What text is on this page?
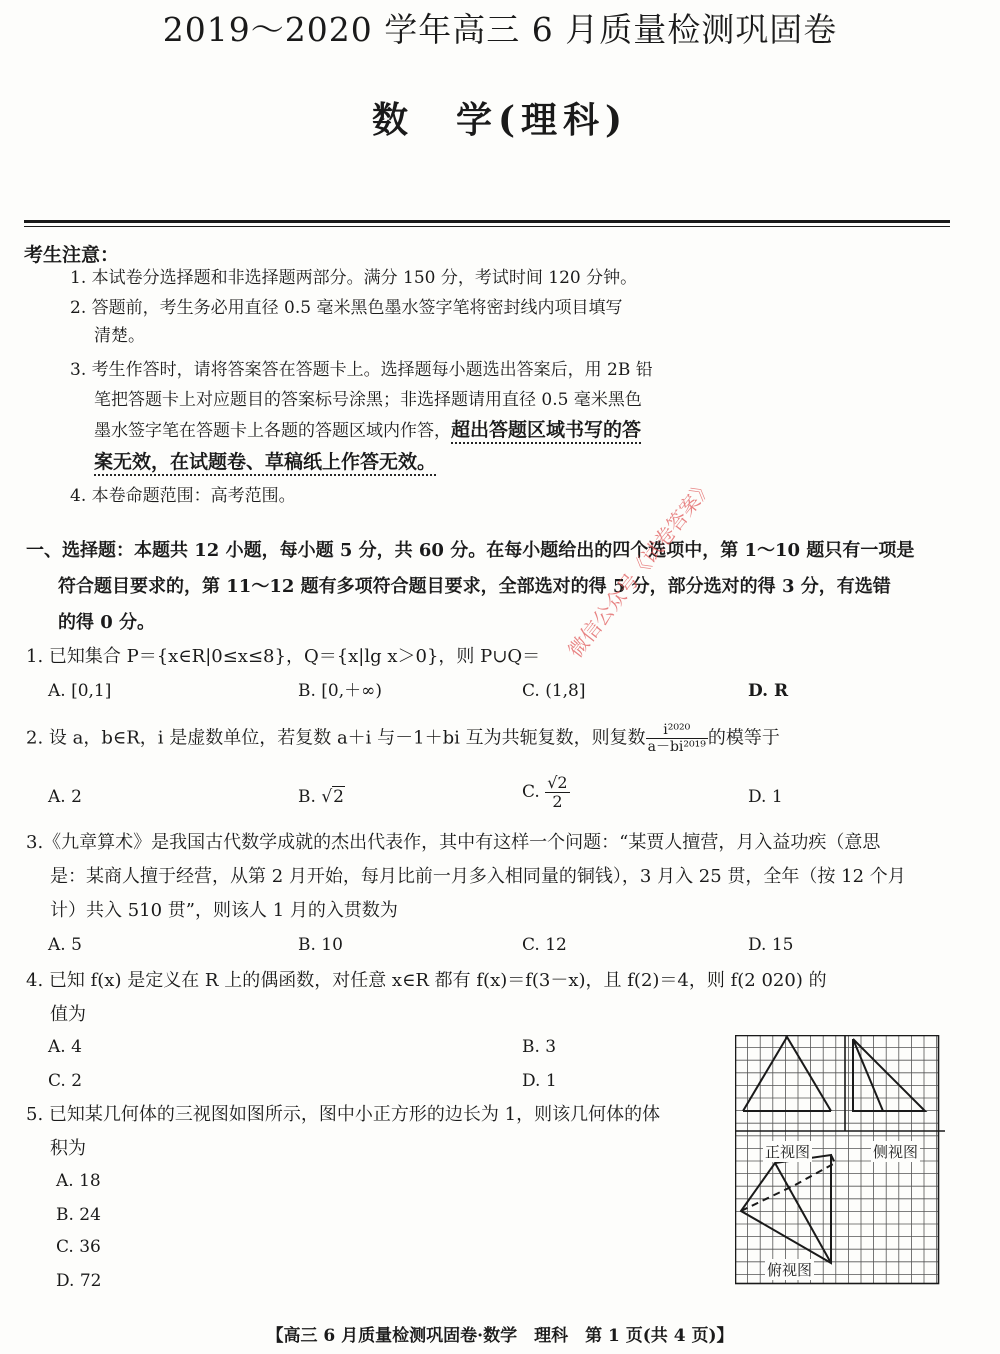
2019～2020 学年高三 6 月质量检测巩固卷
数　学(理科)
考生注意：
1. 本试卷分选择题和非选择题两部分。满分 150 分，考试时间 120 分钟。
2. 答题前，考生务必用直径 0.5 毫米黑色墨水签字笔将密封线内项目填写
清楚。
3. 考生作答时，请将答案答在答题卡上。选择题每小题选出答案后，用 2B 铅
笔把答题卡上对应题目的答案标号涂黑；非选择题请用直径 0.5 毫米黑色
墨水签字笔在答题卡上各题的答题区域内作答，超出答题区域书写的答
案无效，在试题卷、草稿纸上作答无效。
4. 本卷命题范围：高考范围。
一、选择题：本题共 12 小题，每小题 5 分，共 60 分。在每小题给出的四个选项中，第 1～10 题只有一项是
符合题目要求的，第 11～12 题有多项符合题目要求，全部选对的得 5 分，部分选对的得 3 分，有选错
的得 0 分。
1. 已知集合 P＝{x∈R|0≤x≤8}，Q＝{x|lg x＞0}，则 P∪Q＝
A. [0,1]	B. [0,＋∞)	C. (1,8]	D. R
2. 设 a，b∈R，i 是虚数单位，若复数 a＋i 与－1＋bi 互为共轭复数，则复数 $\frac{\text{i²⁰²⁰}}{\text{a－bi²⁰¹⁹}}$ 的模等于
A. 2	B. √2	C. $\frac{√2}{2}$	D. 1
3.《九章算术》是我国古代数学成就的杰出代表作，其中有这样一个问题：“某贾人擅营，月入益功疾（意思
是：某商人擅于经营，从第 2 月开始，每月比前一月多入相同量的铜钱），3 月入 25 贯，全年（按 12 个月
计）共入 510 贯”，则该人 1 月的入贯数为
A. 5	B. 10	C. 12	D. 15
4. 已知 f(x) 是定义在 R 上的偶函数，对任意 x∈R 都有 f(x)＝f(3－x)，且 f(2)＝4，则 f(2 020) 的
值为
A. 4	B. 3
C. 2	D. 1
5. 已知某几何体的三视图如图所示，图中小正方形的边长为 1，则该几何体的体
积为
A. 18
B. 24
C. 36
D. 72
正视图	侧视图
俯视图
微信公众号《试卷答案》
【高三 6 月质量检测巩固卷·数学　理科　第 1 页(共 4 页)】
